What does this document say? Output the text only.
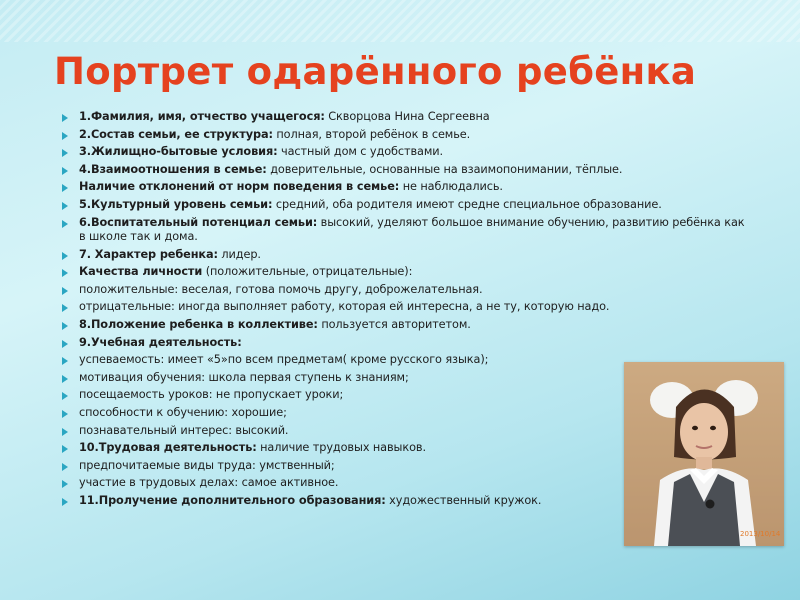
Портрет одарённого ребёнка
1.Фамилия, имя, отчество учащегося: Скворцова Нина Сергеевна
2.Состав семьи, ее структура: полная, второй ребёнок в семье.
3.Жилищно-бытовые условия: частный дом с удобствами.
4.Взаимоотношения в семье: доверительные, основанные на взаимопонимании, тёплые.
Наличие отклонений от норм поведения в семье: не наблюдались.
5.Культурный уровень семьи: средний, оба родителя имеют средне специальное образование.
6.Воспитательный потенциал семьи: высокий, уделяют большое внимание обучению, развитию ребёнка как в школе так и дома.
7. Характер ребенка: лидер.
Качества личности (положительные, отрицательные):
положительные: веселая, готова помочь другу, доброжелательная.
отрицательные: иногда выполняет работу, которая ей интересна, а не ту, которую надо.
8.Положение ребенка в коллективе: пользуется авторитетом.
9.Учебная деятельность:
успеваемость: имеет «5»по всем предметам( кроме русского языка);
мотивация обучения: школа первая ступень к знаниям;
посещаемость уроков: не пропускает уроки;
способности к обучению: хорошие;
познавательный интерес: высокий.
10.Трудовая деятельность: наличие трудовых навыков.
предпочитаемые виды труда: умственный;
участие в трудовых делах: самое активное.
11.Пролучение дополнительного образования: художественный кружок.
2013/10/14
